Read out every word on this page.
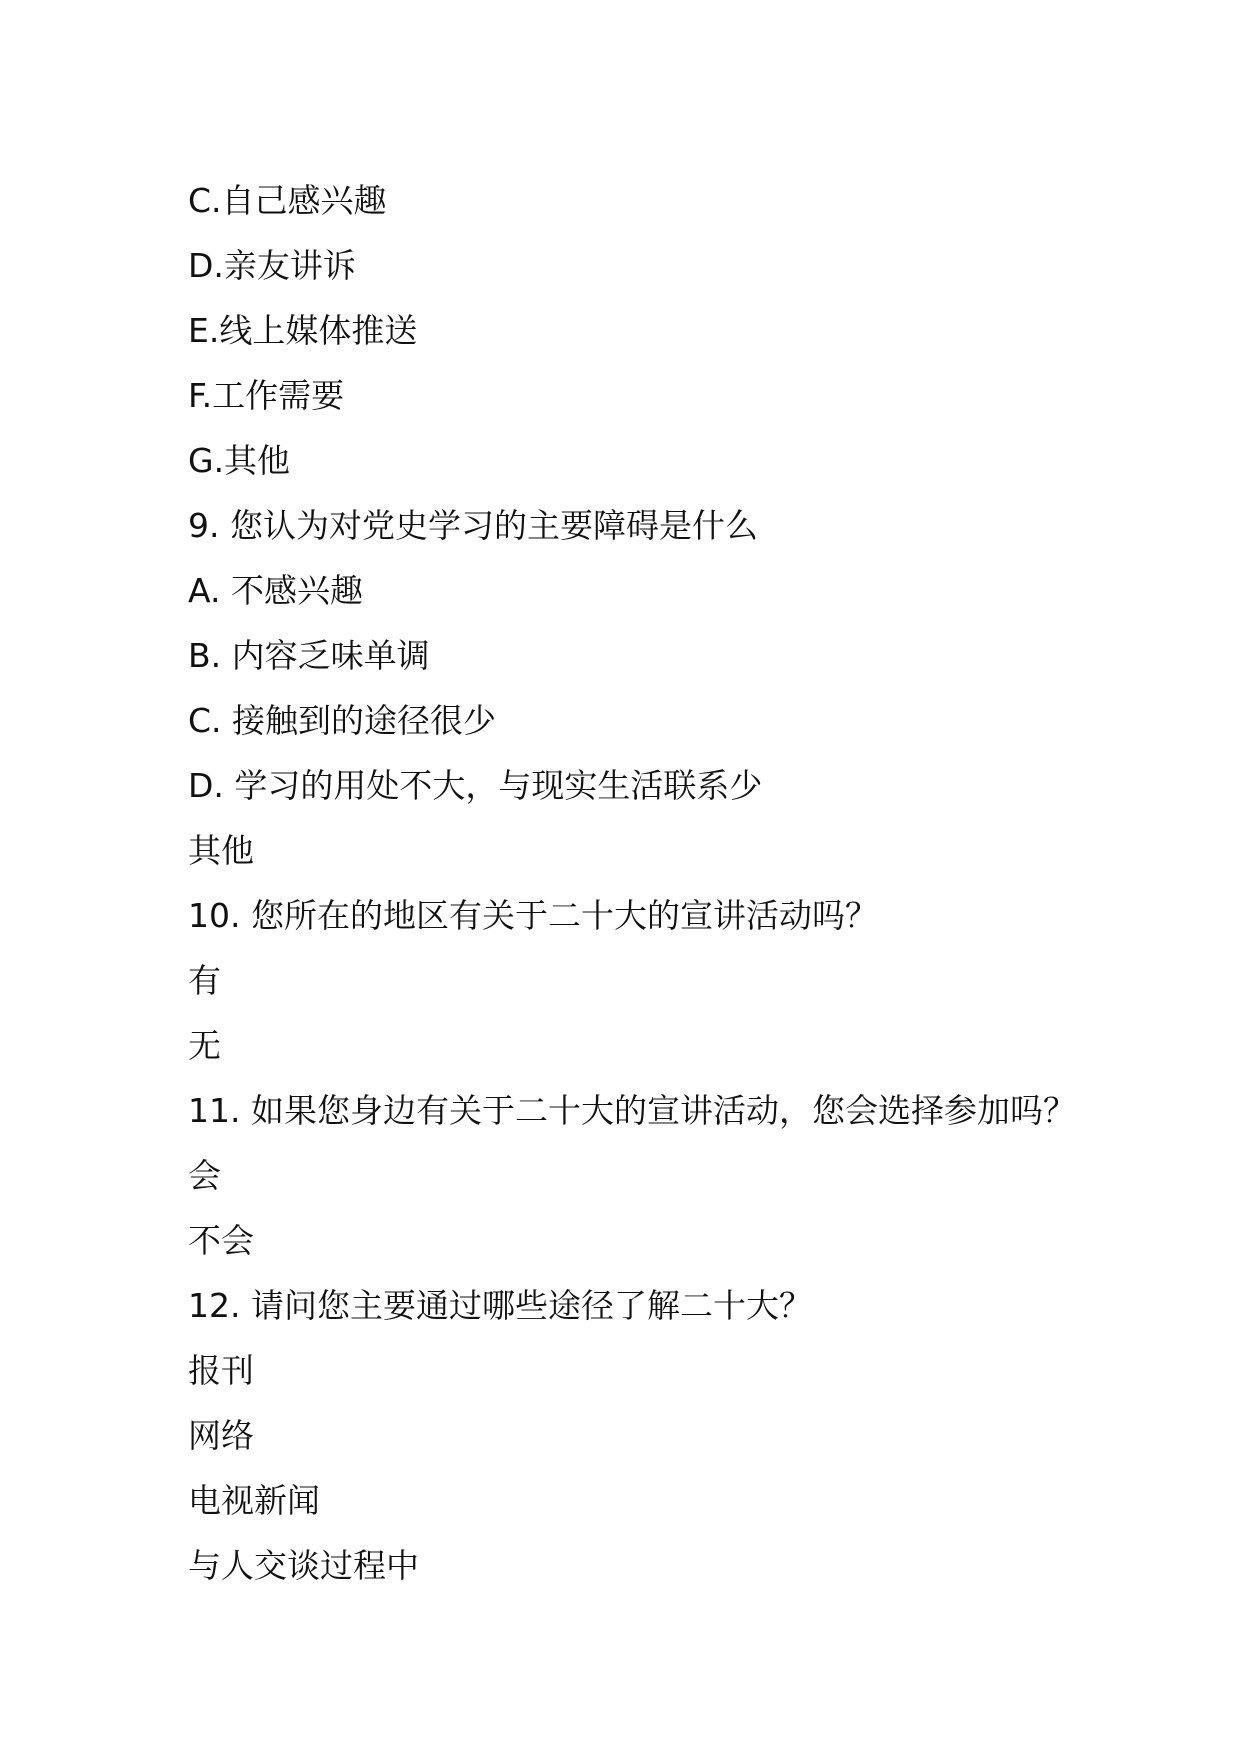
C.自己感兴趣
D.亲友讲诉
E.线上媒体推送
F.工作需要
G.其他
9. 您认为对党史学习的主要障碍是什么
A. 不感兴趣
B. 内容乏味单调
C. 接触到的途径很少
D. 学习的用处不大，与现实生活联系少
其他
10. 您所在的地区有关于二十大的宣讲活动吗？
有
无
11. 如果您身边有关于二十大的宣讲活动，您会选择参加吗？
会
不会
12. 请问您主要通过哪些途径了解二十大？
报刊
网络
电视新闻
与人交谈过程中
